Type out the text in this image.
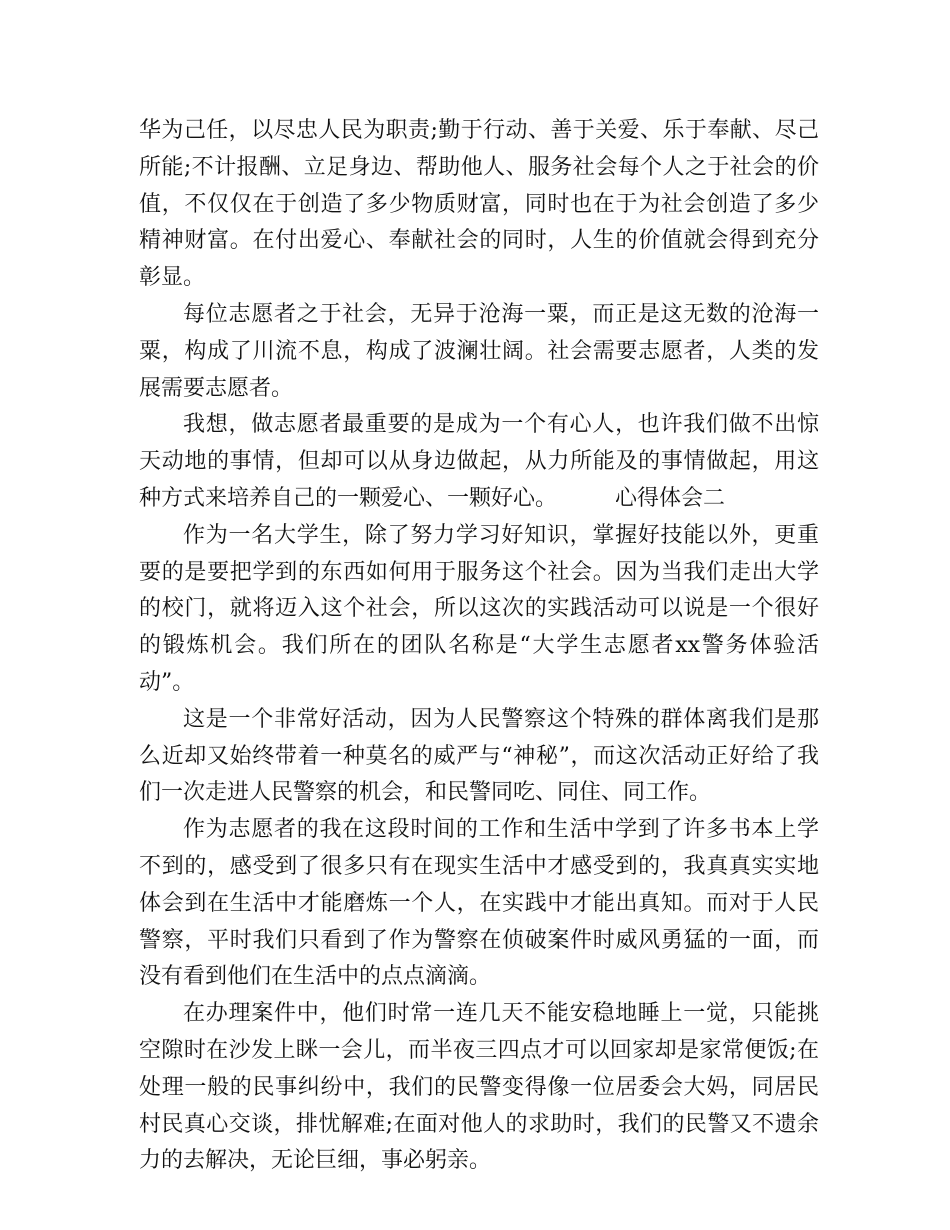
华为己任，以尽忠人民为职责;勤于行动、善于关爱、乐于奉献、尽己所能;不计报酬、立足身边、帮助他人、服务社会每个人之于社会的价值，不仅仅在于创造了多少物质财富，同时也在于为社会创造了多少精神财富。在付出爱心、奉献社会的同时，人生的价值就会得到充分彰显。

每位志愿者之于社会，无异于沧海一粟，而正是这无数的沧海一粟，构成了川流不息，构成了波澜壮阔。社会需要志愿者，人类的发展需要志愿者。

我想，做志愿者最重要的是成为一个有心人，也许我们做不出惊天动地的事情，但却可以从身边做起，从力所能及的事情做起，用这种方式来培养自己的一颗爱心、一颗好心。	心得体会二

作为一名大学生，除了努力学习好知识，掌握好技能以外，更重要的是要把学到的东西如何用于服务这个社会。因为当我们走出大学的校门，就将迈入这个社会，所以这次的实践活动可以说是一个很好的锻炼机会。我们所在的团队名称是“大学生志愿者xx警务体验活动”。

这是一个非常好活动，因为人民警察这个特殊的群体离我们是那么近却又始终带着一种莫名的威严与“神秘”，而这次活动正好给了我们一次走进人民警察的机会，和民警同吃、同住、同工作。

作为志愿者的我在这段时间的工作和生活中学到了许多书本上学不到的，感受到了很多只有在现实生活中才感受到的，我真真实实地体会到在生活中才能磨炼一个人，在实践中才能出真知。而对于人民警察，平时我们只看到了作为警察在侦破案件时威风勇猛的一面，而没有看到他们在生活中的点点滴滴。

在办理案件中，他们时常一连几天不能安稳地睡上一觉，只能挑空隙时在沙发上眯一会儿，而半夜三四点才可以回家却是家常便饭;在处理一般的民事纠纷中，我们的民警变得像一位居委会大妈，同居民村民真心交谈，排忧解难;在面对他人的求助时，我们的民警又不遗余力的去解决，无论巨细，事必躬亲。
